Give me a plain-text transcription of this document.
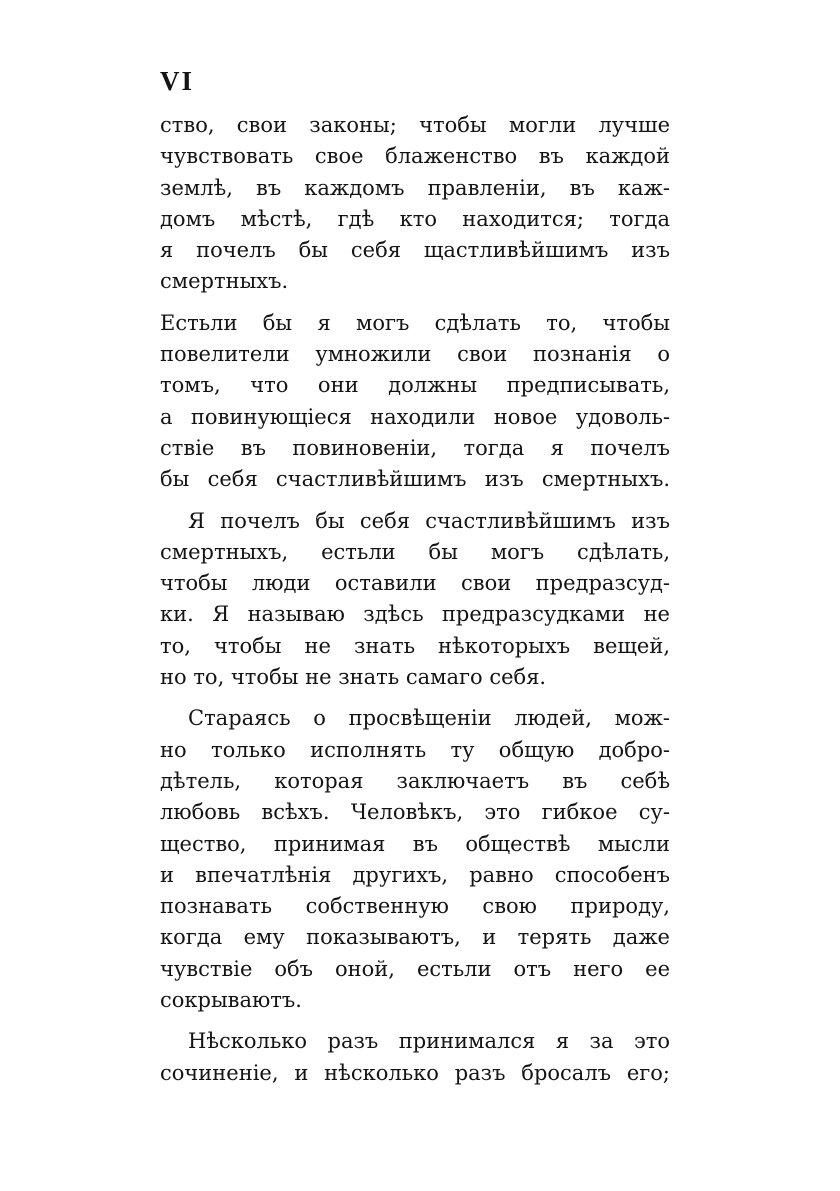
VI
ство, свои законы; чтобы могли лучше
чувствовать свое блаженство въ каждой
землѣ, въ каждомъ правленіи, въ каж-
домъ мѣстѣ, гдѣ кто находится; тогда
я почелъ бы себя щастливѣйшимъ изъ
смертныхъ.
Естьли бы я могъ сдѣлать то, чтобы
повелители умножили свои познанія о
томъ, что они должны предписывать,
а повинующіеся находили новое удоволь-
ствіе въ повиновеніи, тогда я почелъ
бы себя счастливѣйшимъ изъ смертныхъ.
Я почелъ бы себя счастливѣйшимъ изъ
смертныхъ, естьли бы могъ сдѣлать,
чтобы люди оставили свои предразсуд-
ки. Я называю здѣсь предразсудками не
то, чтобы не знать нѣкоторыхъ вещей,
но то, чтобы не знать самаго себя.
Стараясь о просвѣщеніи людей, мож-
но только исполнять ту общую добро-
дѣтель, которая заключаетъ въ себѣ
любовь всѣхъ. Человѣкъ, это гибкое су-
щество, принимая въ обществѣ мысли
и впечатлѣнія другихъ, равно способенъ
познавать собственную свою природу,
когда ему показываютъ, и терять даже
чувствіе объ оной, естьли отъ него ее
сокрываютъ.
Нѣсколько разъ принимался я за это
сочиненіе, и нѣсколько разъ бросалъ его;
